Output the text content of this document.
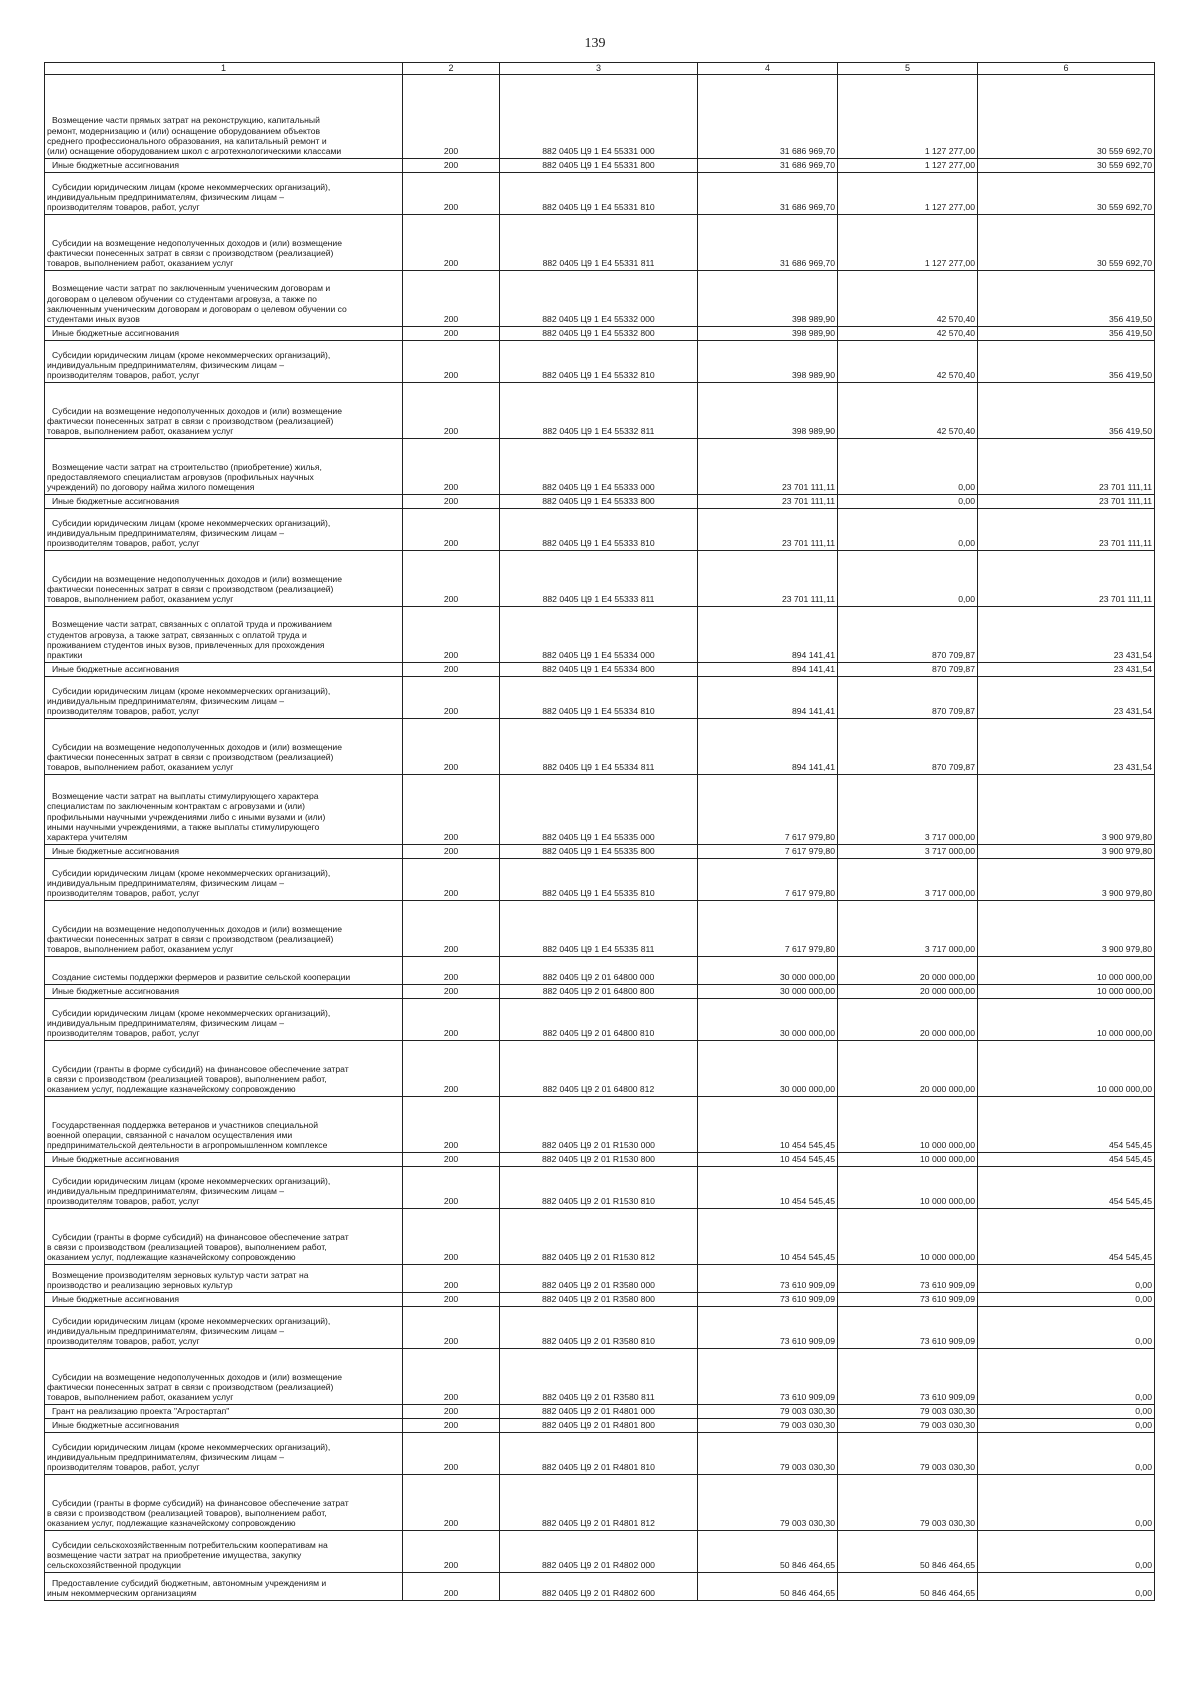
139
1	2	3	4	5	6

Возмещение части прямых затрат на реконструкцию, капитальный
ремонт, модернизацию и (или) оснащение оборудованием объектов
среднего профессионального образования, на капитальный ремонт и
(или) оснащение оборудованием школ с агротехнологическими классами	200	882 0405 Ц9 1 Е4 55331 000	31 686 969,70	1 127 277,00	30 559 692,70

Иные бюджетные ассигнования	200	882 0405 Ц9 1 Е4 55331 800	31 686 969,70	1 127 277,00	30 559 692,70

Субсидии юридическим лицам (кроме некоммерческих организаций),
индивидуальным предпринимателям, физическим лицам –
производителям товаров, работ, услуг	200	882 0405 Ц9 1 Е4 55331 810	31 686 969,70	1 127 277,00	30 559 692,70

Субсидии на возмещение недополученных доходов и (или) возмещение
фактически понесенных затрат в связи с производством (реализацией)
товаров, выполнением работ, оказанием услуг	200	882 0405 Ц9 1 Е4 55331 811	31 686 969,70	1 127 277,00	30 559 692,70

Возмещение части затрат по заключенным ученическим договорам и
договорам о целевом обучении со студентами агровуза, а также по
заключенным ученическим договорам и договорам о целевом обучении со
студентами иных вузов	200	882 0405 Ц9 1 Е4 55332 000	398 989,90	42 570,40	356 419,50

Иные бюджетные ассигнования	200	882 0405 Ц9 1 Е4 55332 800	398 989,90	42 570,40	356 419,50

Субсидии юридическим лицам (кроме некоммерческих организаций),
индивидуальным предпринимателям, физическим лицам –
производителям товаров, работ, услуг	200	882 0405 Ц9 1 Е4 55332 810	398 989,90	42 570,40	356 419,50

Субсидии на возмещение недополученных доходов и (или) возмещение
фактически понесенных затрат в связи с производством (реализацией)
товаров, выполнением работ, оказанием услуг	200	882 0405 Ц9 1 Е4 55332 811	398 989,90	42 570,40	356 419,50

Возмещение части затрат на строительство (приобретение) жилья,
предоставляемого специалистам агровузов (профильных научных
учреждений) по договору найма жилого помещения	200	882 0405 Ц9 1 Е4 55333 000	23 701 111,11	0,00	23 701 111,11

Иные бюджетные ассигнования	200	882 0405 Ц9 1 Е4 55333 800	23 701 111,11	0,00	23 701 111,11

Субсидии юридическим лицам (кроме некоммерческих организаций),
индивидуальным предпринимателям, физическим лицам –
производителям товаров, работ, услуг	200	882 0405 Ц9 1 Е4 55333 810	23 701 111,11	0,00	23 701 111,11

Субсидии на возмещение недополученных доходов и (или) возмещение
фактически понесенных затрат в связи с производством (реализацией)
товаров, выполнением работ, оказанием услуг	200	882 0405 Ц9 1 Е4 55333 811	23 701 111,11	0,00	23 701 111,11

Возмещение части затрат, связанных с оплатой труда и проживанием
студентов агровуза, а также затрат, связанных с оплатой труда и
проживанием студентов иных вузов, привлеченных для прохождения
практики	200	882 0405 Ц9 1 Е4 55334 000	894 141,41	870 709,87	23 431,54

Иные бюджетные ассигнования	200	882 0405 Ц9 1 Е4 55334 800	894 141,41	870 709,87	23 431,54

Субсидии юридическим лицам (кроме некоммерческих организаций),
индивидуальным предпринимателям, физическим лицам –
производителям товаров, работ, услуг	200	882 0405 Ц9 1 Е4 55334 810	894 141,41	870 709,87	23 431,54

Субсидии на возмещение недополученных доходов и (или) возмещение
фактически понесенных затрат в связи с производством (реализацией)
товаров, выполнением работ, оказанием услуг	200	882 0405 Ц9 1 Е4 55334 811	894 141,41	870 709,87	23 431,54

Возмещение части затрат на выплаты стимулирующего характера
специалистам по заключенным контрактам с агровузами и (или)
профильными научными учреждениями либо с иными вузами и (или)
иными научными учреждениями, а также выплаты стимулирующего
характера учителям	200	882 0405 Ц9 1 Е4 55335 000	7 617 979,80	3 717 000,00	3 900 979,80

Иные бюджетные ассигнования	200	882 0405 Ц9 1 Е4 55335 800	7 617 979,80	3 717 000,00	3 900 979,80

Субсидии юридическим лицам (кроме некоммерческих организаций),
индивидуальным предпринимателям, физическим лицам –
производителям товаров, работ, услуг	200	882 0405 Ц9 1 Е4 55335 810	7 617 979,80	3 717 000,00	3 900 979,80

Субсидии на возмещение недополученных доходов и (или) возмещение
фактически понесенных затрат в связи с производством (реализацией)
товаров, выполнением работ, оказанием услуг	200	882 0405 Ц9 1 Е4 55335 811	7 617 979,80	3 717 000,00	3 900 979,80

Создание системы поддержки фермеров и развитие сельской кооперации	200	882 0405 Ц9 2 01 64800 000	30 000 000,00	20 000 000,00	10 000 000,00

Иные бюджетные ассигнования	200	882 0405 Ц9 2 01 64800 800	30 000 000,00	20 000 000,00	10 000 000,00

Субсидии юридическим лицам (кроме некоммерческих организаций),
индивидуальным предпринимателям, физическим лицам –
производителям товаров, работ, услуг	200	882 0405 Ц9 2 01 64800 810	30 000 000,00	20 000 000,00	10 000 000,00

Субсидии (гранты в форме субсидий) на финансовое обеспечение затрат
в связи с производством (реализацией товаров), выполнением работ,
оказанием услуг, подлежащие казначейскому сопровождению	200	882 0405 Ц9 2 01 64800 812	30 000 000,00	20 000 000,00	10 000 000,00

Государственная поддержка ветеранов и участников специальной
военной операции, связанной с началом осуществления ими
предпринимательской деятельности в агропромышленном комплексе	200	882 0405 Ц9 2 01 R1530 000	10 454 545,45	10 000 000,00	454 545,45

Иные бюджетные ассигнования	200	882 0405 Ц9 2 01 R1530 800	10 454 545,45	10 000 000,00	454 545,45

Субсидии юридическим лицам (кроме некоммерческих организаций),
индивидуальным предпринимателям, физическим лицам –
производителям товаров, работ, услуг	200	882 0405 Ц9 2 01 R1530 810	10 454 545,45	10 000 000,00	454 545,45

Субсидии (гранты в форме субсидий) на финансовое обеспечение затрат
в связи с производством (реализацией товаров), выполнением работ,
оказанием услуг, подлежащие казначейскому сопровождению	200	882 0405 Ц9 2 01 R1530 812	10 454 545,45	10 000 000,00	454 545,45

Возмещение производителям зерновых культур части затрат на
производство и реализацию зерновых культур	200	882 0405 Ц9 2 01 R3580 000	73 610 909,09	73 610 909,09	0,00

Иные бюджетные ассигнования	200	882 0405 Ц9 2 01 R3580 800	73 610 909,09	73 610 909,09	0,00

Субсидии юридическим лицам (кроме некоммерческих организаций),
индивидуальным предпринимателям, физическим лицам –
производителям товаров, работ, услуг	200	882 0405 Ц9 2 01 R3580 810	73 610 909,09	73 610 909,09	0,00

Субсидии на возмещение недополученных доходов и (или) возмещение
фактически понесенных затрат в связи с производством (реализацией)
товаров, выполнением работ, оказанием услуг	200	882 0405 Ц9 2 01 R3580 811	73 610 909,09	73 610 909,09	0,00

Грант на реализацию проекта "Агростартап"	200	882 0405 Ц9 2 01 R4801 000	79 003 030,30	79 003 030,30	0,00

Иные бюджетные ассигнования	200	882 0405 Ц9 2 01 R4801 800	79 003 030,30	79 003 030,30	0,00

Субсидии юридическим лицам (кроме некоммерческих организаций),
индивидуальным предпринимателям, физическим лицам –
производителям товаров, работ, услуг	200	882 0405 Ц9 2 01 R4801 810	79 003 030,30	79 003 030,30	0,00

Субсидии (гранты в форме субсидий) на финансовое обеспечение затрат
в связи с производством (реализацией товаров), выполнением работ,
оказанием услуг, подлежащие казначейскому сопровождению	200	882 0405 Ц9 2 01 R4801 812	79 003 030,30	79 003 030,30	0,00

Субсидии сельскохозяйственным потребительским кооперативам на
возмещение части затрат на приобретение имущества, закупку
сельскохозяйственной продукции	200	882 0405 Ц9 2 01 R4802 000	50 846 464,65	50 846 464,65	0,00

Предоставление субсидий бюджетным, автономным учреждениям и
иным некоммерческим организациям	200	882 0405 Ц9 2 01 R4802 600	50 846 464,65	50 846 464,65	0,00
